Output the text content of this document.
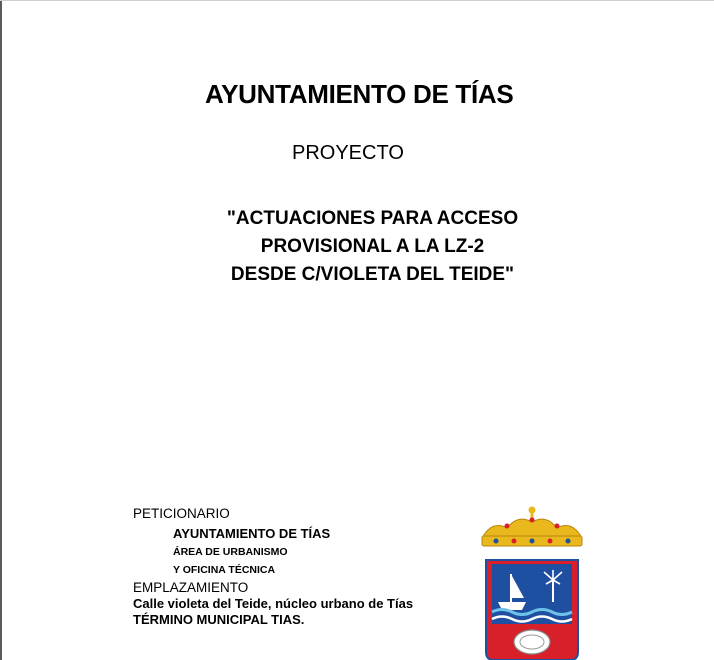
AYUNTAMIENTO DE TÍAS
PROYECTO
"ACTUACIONES PARA ACCESO
PROVISIONAL A LA LZ-2
DESDE C/VIOLETA DEL TEIDE"
PETICIONARIO
AYUNTAMIENTO DE TÍAS
ÁREA DE URBANISMO
Y OFICINA TÉCNICA
EMPLAZAMIENTO
Calle violeta del Teide, núcleo urbano de Tías
TÉRMINO MUNICIPAL TIAS.
